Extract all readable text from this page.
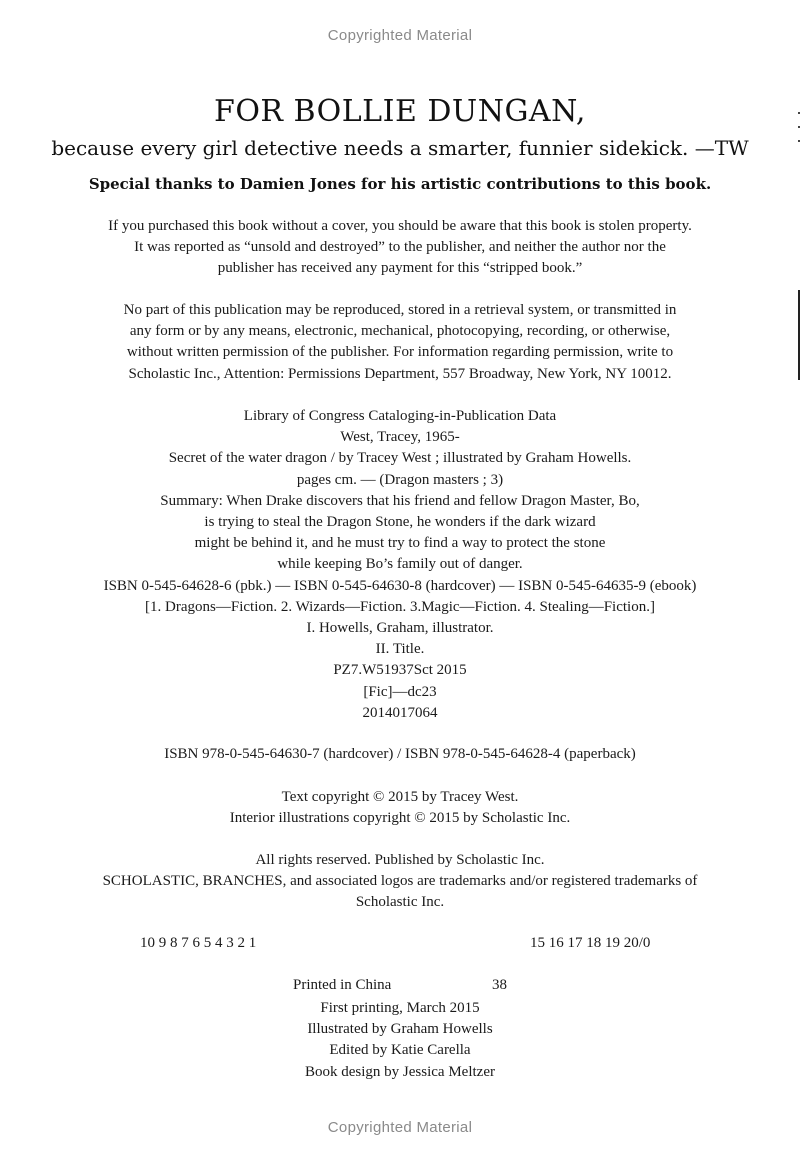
Copyrighted Material
FOR BOLLIE DUNGAN,
because every girl detective needs a smarter, funnier sidekick. —TW
Special thanks to Damien Jones for his artistic contributions to this book.
If you purchased this book without a cover, you should be aware that this book is stolen property.
It was reported as “unsold and destroyed” to the publisher, and neither the author nor the
publisher has received any payment for this “stripped book.”
No part of this publication may be reproduced, stored in a retrieval system, or transmitted in
any form or by any means, electronic, mechanical, photocopying, recording, or otherwise,
without written permission of the publisher. For information regarding permission, write to
Scholastic Inc., Attention: Permissions Department, 557 Broadway, New York, NY 10012.
Library of Congress Cataloging-in-Publication Data
West, Tracey, 1965-
Secret of the water dragon / by Tracey West ; illustrated by Graham Howells.
pages cm. — (Dragon masters ; 3)
Summary: When Drake discovers that his friend and fellow Dragon Master, Bo,
is trying to steal the Dragon Stone, he wonders if the dark wizard
might be behind it, and he must try to find a way to protect the stone
while keeping Bo’s family out of danger.
ISBN 0-545-64628-6 (pbk.) — ISBN 0-545-64630-8 (hardcover) — ISBN 0-545-64635-9 (ebook)
[1. Dragons—Fiction. 2. Wizards—Fiction. 3.Magic—Fiction. 4. Stealing—Fiction.]
I. Howells, Graham, illustrator.
II. Title.
PZ7.W51937Sct 2015
[Fic]—dc23
2014017064
ISBN 978-0-545-64630-7 (hardcover) / ISBN 978-0-545-64628-4 (paperback)
Text copyright © 2015 by Tracey West.
Interior illustrations copyright © 2015 by Scholastic Inc.
All rights reserved. Published by Scholastic Inc.
SCHOLASTIC, BRANCHES, and associated logos are trademarks and/or registered trademarks of
Scholastic Inc.
10 9 8 7 6 5 4 3 2 1	15 16 17 18 19 20/0
Printed in China	38
First printing, March 2015
Illustrated by Graham Howells
Edited by Katie Carella
Book design by Jessica Meltzer
Copyrighted Material
